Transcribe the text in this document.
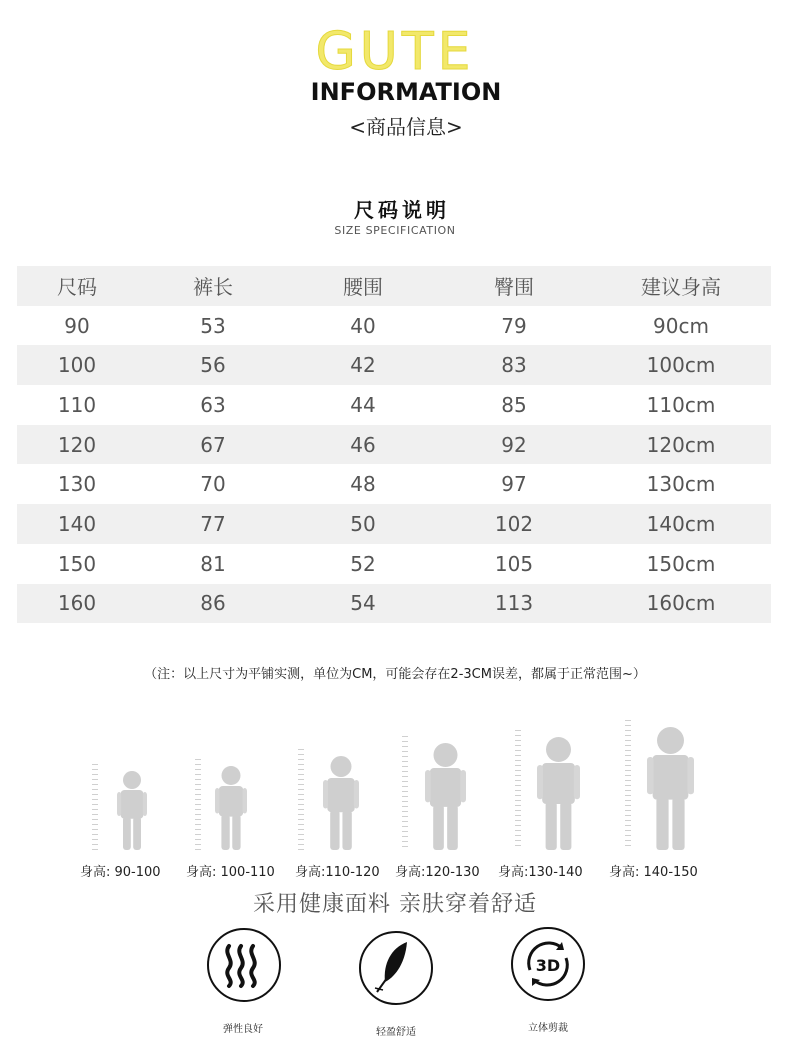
GUTE
INFORMATION
<商品信息>
尺码说明
SIZE SPECIFICATION
尺码	裤长	腰围	臀围	建议身高
90	53	40	79	90cm
100	56	42	83	100cm
110	63	44	85	110cm
120	67	46	92	120cm
130	70	48	97	130cm
140	77	50	102	140cm
150	81	52	105	150cm
160	86	54	113	160cm
（注：以上尺寸为平铺实测，单位为CM，可能会存在2-3CM误差，都属于正常范围~）
身高: 90-100 身高: 100-110 身高:110-120 身高:120-130 身高:130-140 身高: 140-150
采用健康面料 亲肤穿着舒适
弹性良好	轻盈舒适
3D
立体剪裁
